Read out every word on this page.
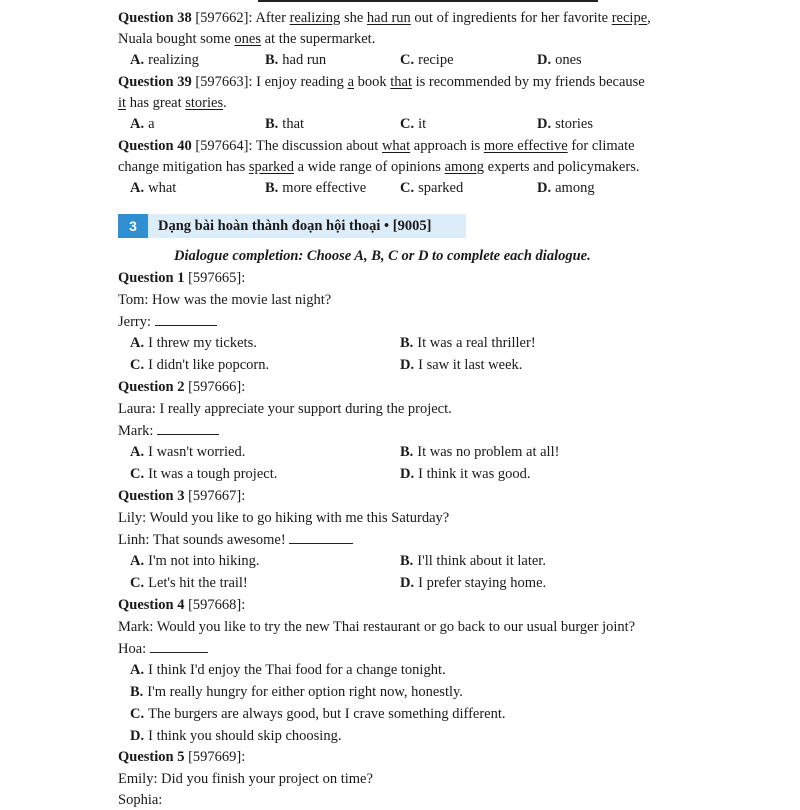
Question 38 [597662]: After realizing she had run out of ingredients for her favorite recipe,
Nuala bought some ones at the supermarket.
A. realizing	B. had run	C. recipe	D. ones
Question 39 [597663]: I enjoy reading a book that is recommended by my friends because
it has great stories.
A. a	B. that	C. it	D. stories
Question 40 [597664]: The discussion about what approach is more effective for climate
change mitigation has sparked a wide range of opinions among experts and policymakers.
A. what	B. more effective C. sparked	D. among
3	Dạng bài hoàn thành đoạn hội thoại • [9005]
Dialogue completion: Choose A, B, C or D to complete each dialogue.
Question 1 [597665]:
Tom: How was the movie last night?
Jerry:
A. I threw my tickets.	B. It was a real thriller!
C. I didn't like popcorn.	D. I saw it last week.
Question 2 [597666]:
Laura: I really appreciate your support during the project.
Mark:
A. I wasn't worried.	B. It was no problem at all!
C. It was a tough project.	D. I think it was good.
Question 3 [597667]:
Lily: Would you like to go hiking with me this Saturday?
Linh: That sounds awesome!
A. I'm not into hiking.	B. I'll think about it later.
C. Let's hit the trail!	D. I prefer staying home.
Question 4 [597668]:
Mark: Would you like to try the new Thai restaurant or go back to our usual burger joint?
Hoa:
A. I think I'd enjoy the Thai food for a change tonight.
B. I'm really hungry for either option right now, honestly.
C. The burgers are always good, but I crave something different.
D. I think you should skip choosing.
Question 5 [597669]:
Emily: Did you finish your project on time?
Sophia:
